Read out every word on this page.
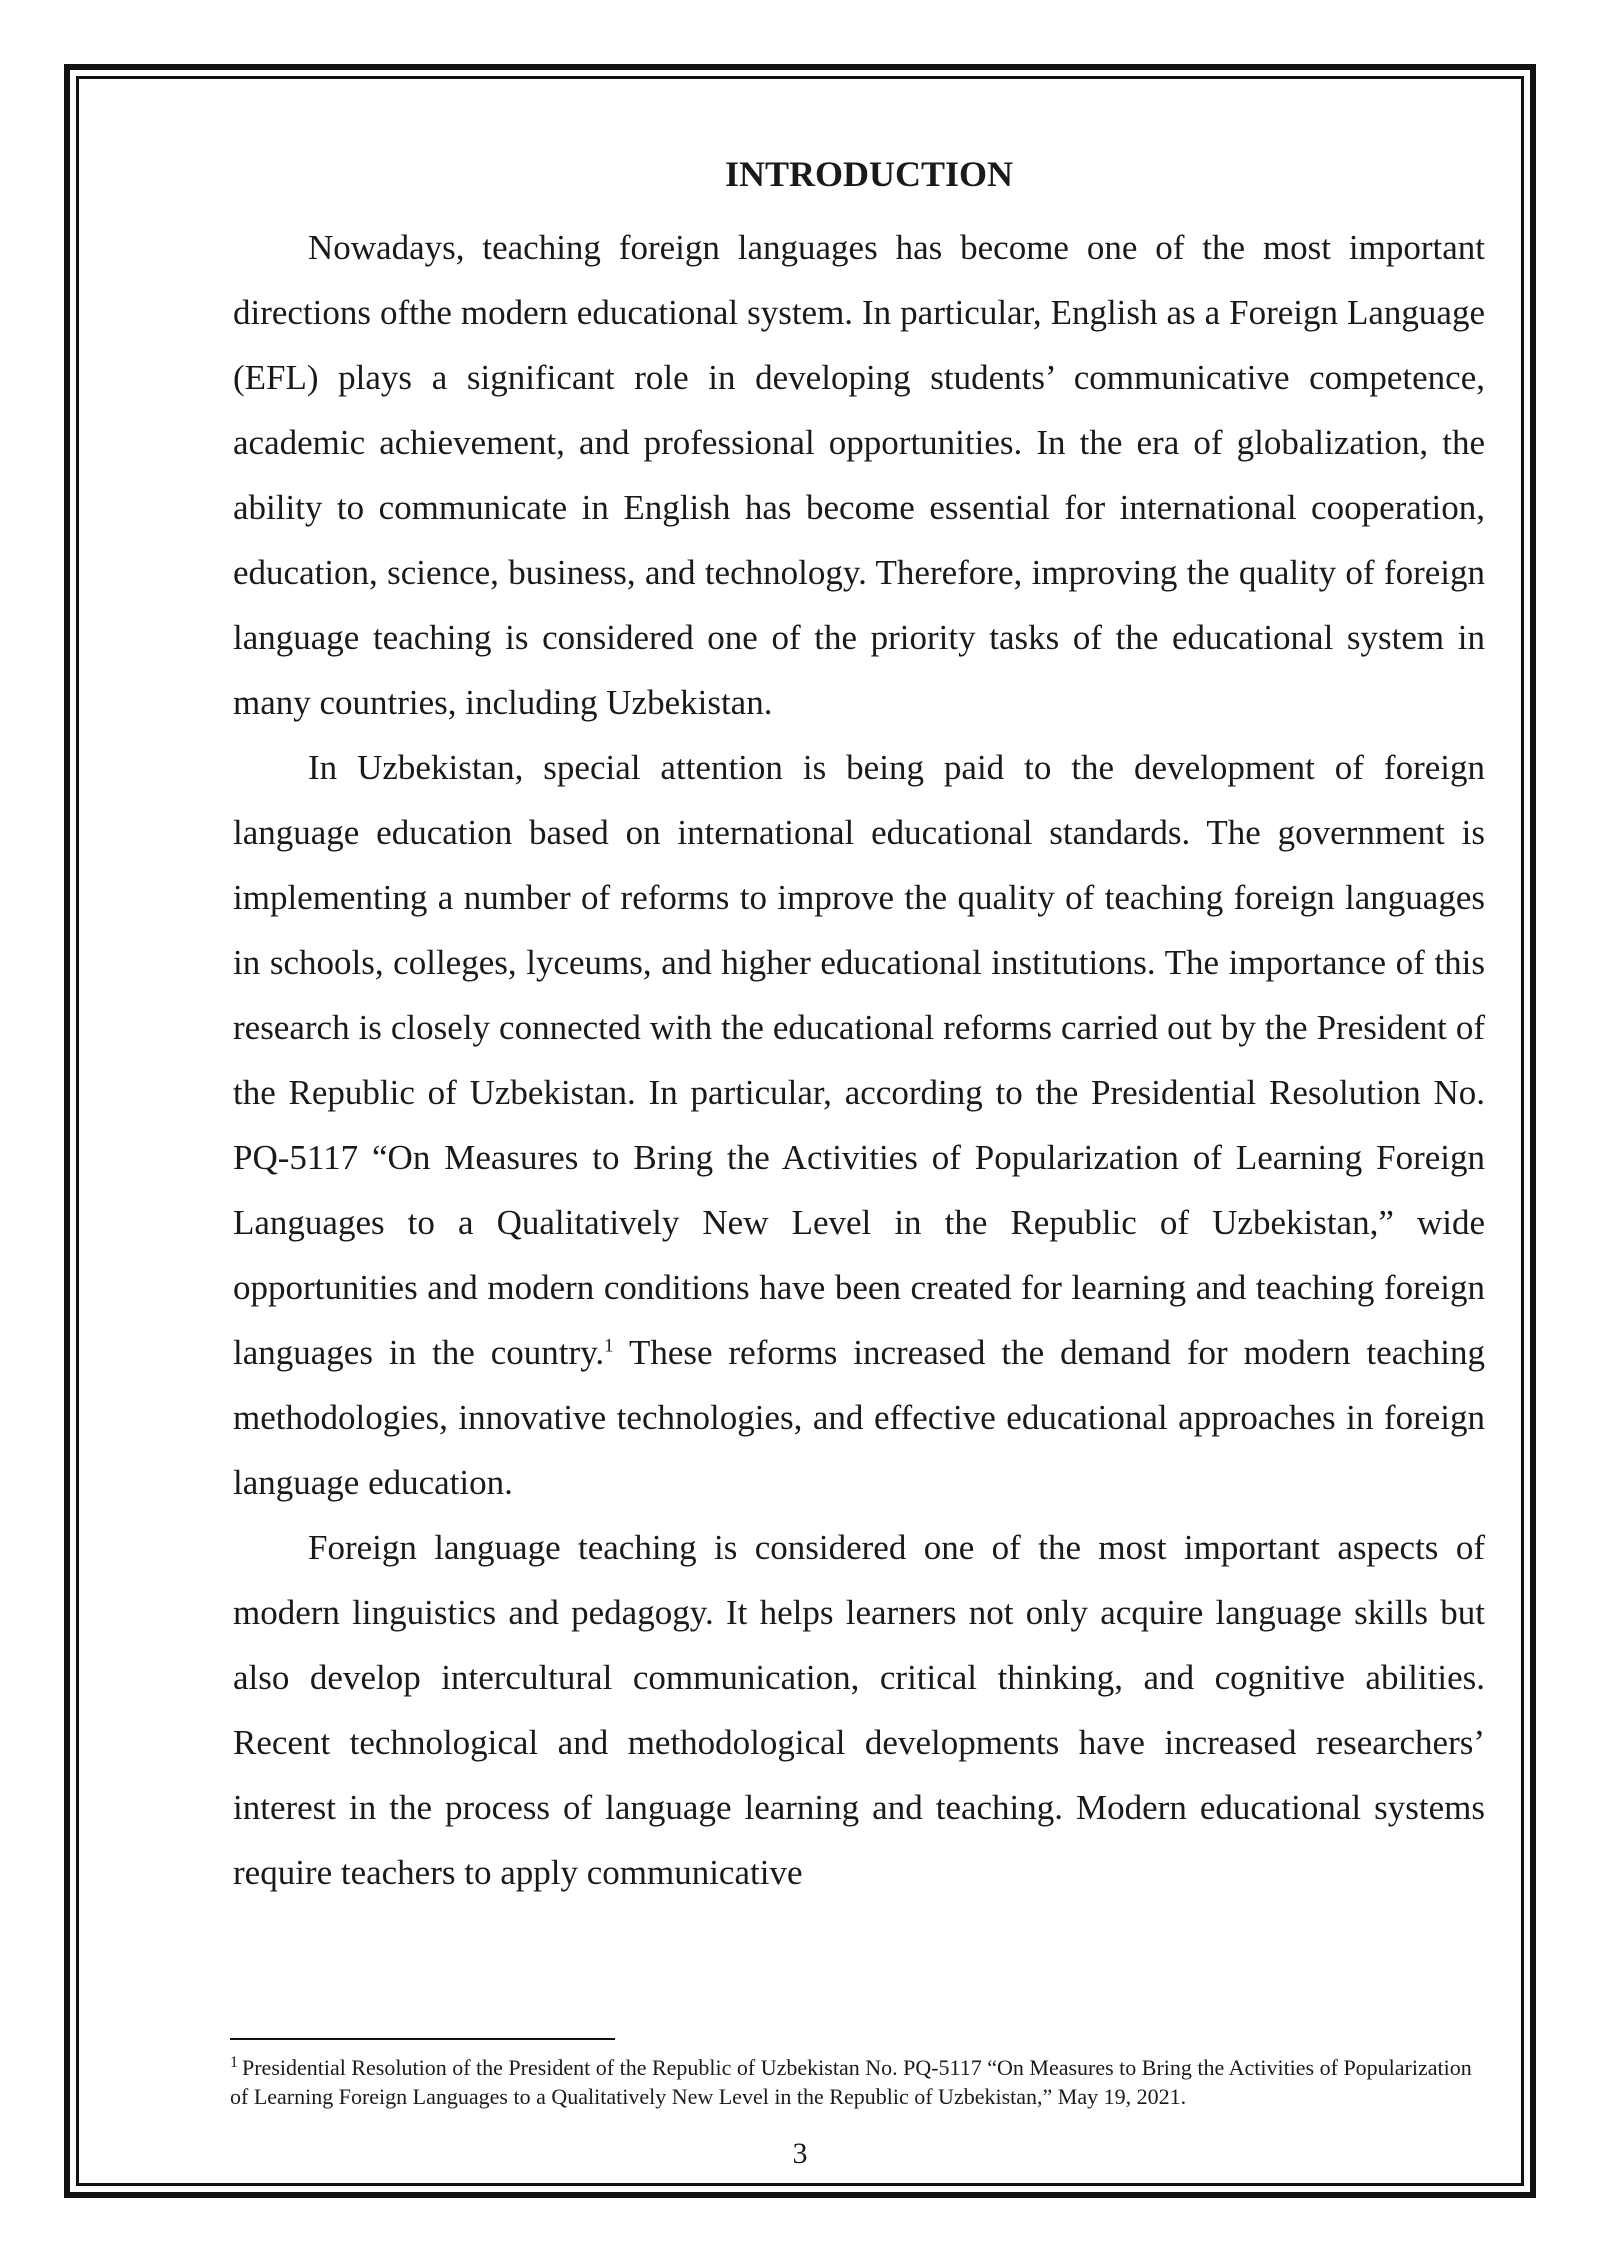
INTRODUCTION

Nowadays, teaching foreign languages has become one of the most important directions ofthe modern educational system. In particular, English as a Foreign Language (EFL) plays a significant role in developing students’ communicative competence, academic achievement, and professional opportunities. In the era of globalization, the ability to communicate in English has become essential for international cooperation, education, science, business, and technology. Therefore, improving the quality of foreign language teaching is considered one of the priority tasks of the educational system in many countries, including Uzbekistan.

In Uzbekistan, special attention is being paid to the development of foreign language education based on international educational standards. The government is implementing a number of reforms to improve the quality of teaching foreign languages in schools, colleges, lyceums, and higher educational institutions. The importance of this research is closely connected with the educational reforms carried out by the President of the Republic of Uzbekistan. In particular, according to the Presidential Resolution No. PQ-5117 “On Measures to Bring the Activities of Popularization of Learning Foreign Languages to a Qualitatively New Level in the Republic of Uzbekistan,” wide opportunities and modern conditions have been created for learning and teaching foreign languages in the country.$^1$ These reforms increased the demand for modern teaching methodologies, innovative technologies, and effective educational approaches in foreign language education.

Foreign language teaching is considered one of the most important aspects of modern linguistics and pedagogy. It helps learners not only acquire language skills but also develop intercultural communication, critical thinking, and cognitive abilities. Recent technological and methodological developments have increased researchers’ interest in the process of language learning and teaching. Modern educational systems require teachers to apply communicative

$^1$ Presidential Resolution of the President of the Republic of Uzbekistan No. PQ-5117 “On Measures to Bring the Activities of Popularization of Learning Foreign Languages to a Qualitatively New Level in the Republic of Uzbekistan,” May 19, 2021.

3
